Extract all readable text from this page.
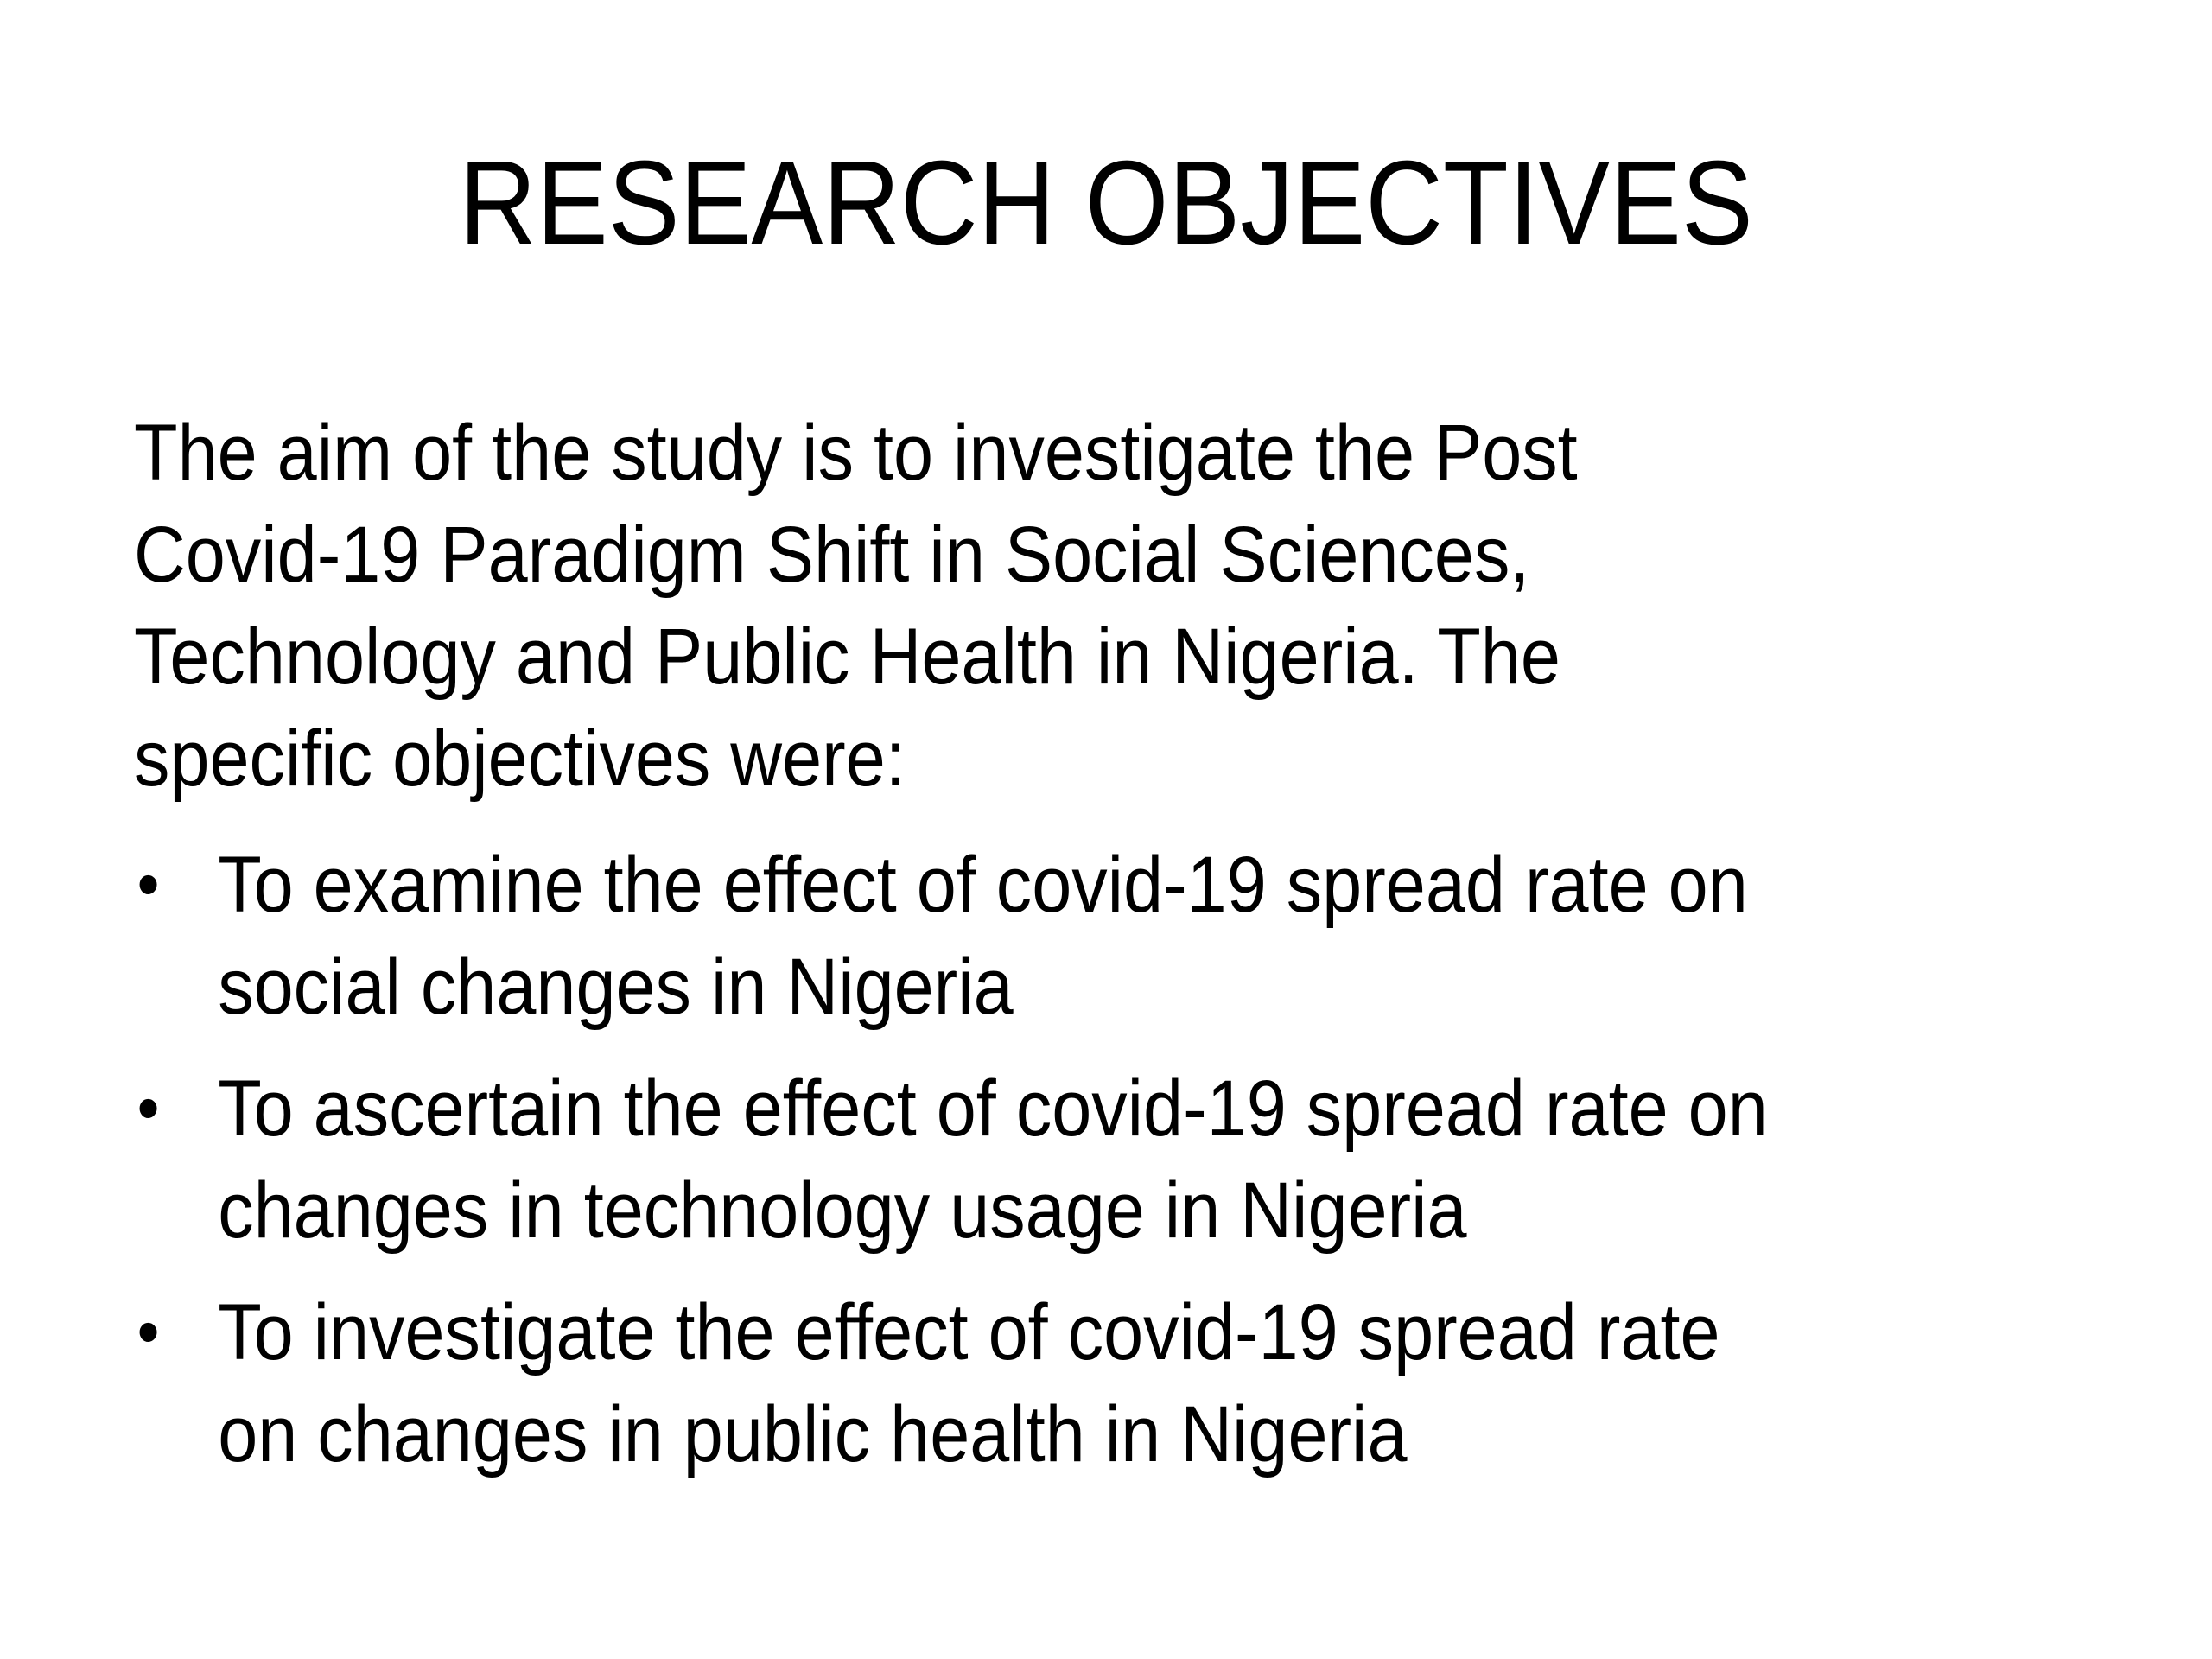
RESEARCH OBJECTIVES

The aim of the study is to investigate the Post
Covid-19 Paradigm Shift in Social Sciences,
Technology and Public Health in Nigeria. The
specific objectives were:

• To examine the effect of covid-19 spread rate on
social changes in Nigeria
• To ascertain the effect of covid-19 spread rate on
changes in technology usage in Nigeria
• To investigate the effect of covid-19 spread rate
on changes in public health in Nigeria
